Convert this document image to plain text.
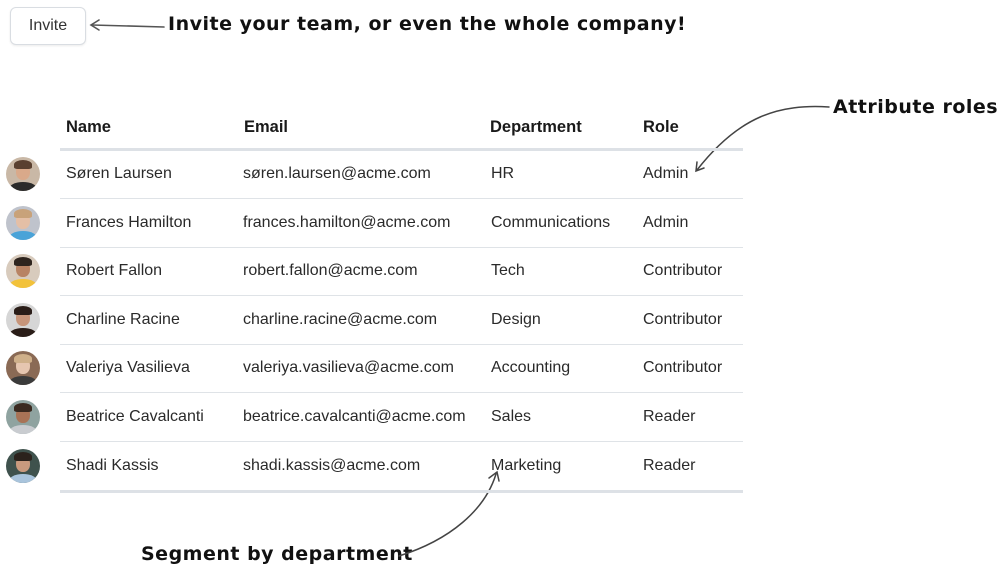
Invite	Invite your team, or even the whole company!
Attribute roles
Segment by department
Name	Email	Department	Role
Søren Laursen	søren.laursen@acme.com	HR	Admin
Frances Hamilton	frances.hamilton@acme.com	Communications Admin
Robert Fallon	robert.fallon@acme.com	Tech	Contributor
Charline Racine	charline.racine@acme.com	Design	Contributor
Valeriya Vasilieva	valeriya.vasilieva@acme.com Accounting	Contributor
Beatrice Cavalcanti beatrice.cavalcanti@acme.com Sales	Reader
Shadi Kassis	shadi.kassis@acme.com	Marketing	Reader
